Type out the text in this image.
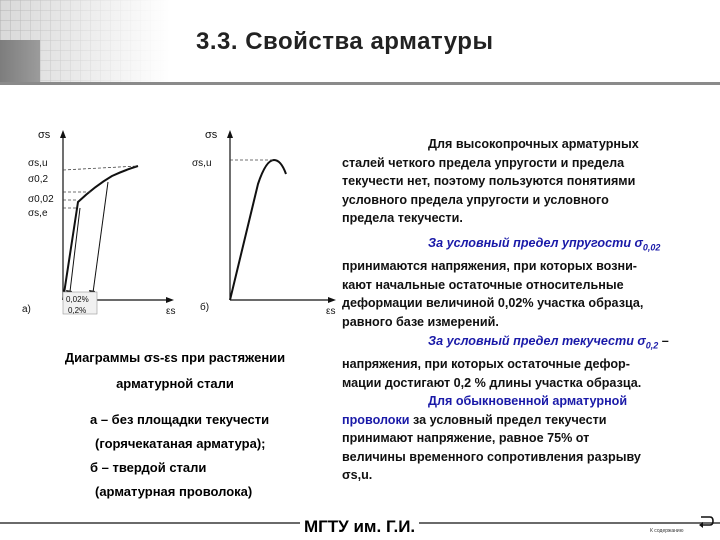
3.3. Свойства арматуры
σs
σs,u
σ0,2
σ0,02
σs,e
εs
0,02%
0,2%
а)
σs
σs,u
εs
б)
Диаграммы σs-εs при растяжении
арматурной стали
а – без площадки текучести
(горячекатаная арматура);
б – твердой стали
(арматурная проволока)
Для высокопрочных арматурных
сталей четкого предела упругости и предела
текучести нет, поэтому пользуются понятиями
условного предела упругости и условного
предела текучести.
За условный предел упругости $\sigma_{0,02}$
принимаются напряжения, при которых возни-
кают начальные остаточные относительные
деформации величиной 0,02% участка образца,
равного базе измерений.
За условный предел текучести $\sigma_{0,2}$ –
напряжения, при которых остаточные дефор-
мации достигают 0,2 % длины участка образца.
Для обыкновенной арматурной
проволоки за условный предел текучести
принимают напряжение, равное 75% от
величины временного сопротивления разрыву
σs,u.
МГТУ им. Г.И.	К содержанию
